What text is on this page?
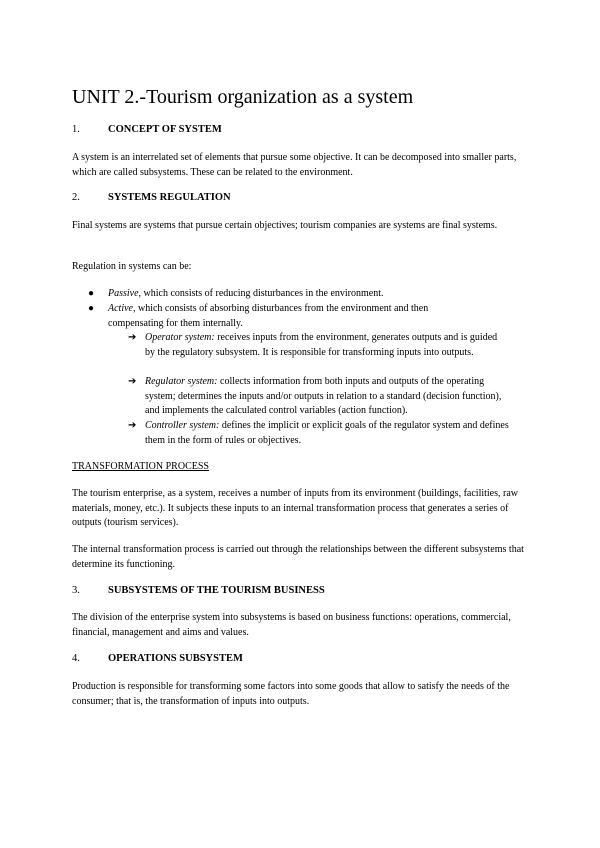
UNIT 2.-Tourism organization as a system
1.	CONCEPT OF SYSTEM

A system is an interrelated set of elements that pursue some objective. It can be decomposed into smaller parts, which are called subsystems. These can be related to the environment.

2.	SYSTEMS REGULATION

Final systems are systems that pursue certain objectives; tourism companies are systems are final systems.

Regulation in systems can be:

● Passive, which consists of reducing disturbances in the environment.
● Active, which consists of absorbing disturbances from the environment and then compensating for them internally.
➔ Operator system: receives inputs from the environment, generates outputs and is guided by the regulatory subsystem. It is responsible for transforming inputs into outputs.
➔ Regulator system: collects information from both inputs and outputs of the operating system; determines the inputs and/or outputs in relation to a standard (decision function), and implements the calculated control variables (action function).
➔ Controller system: defines the implicit or explicit goals of the regulator system and defines them in the form of rules or objectives.
TRANSFORMATION PROCESS

The tourism enterprise, as a system, receives a number of inputs from its environment (buildings, facilities, raw materials, money, etc.). It subjects these inputs to an internal transformation process that generates a series of outputs (tourism services).

The internal transformation process is carried out through the relationships between the different subsystems that determine its functioning.

3.	SUBSYSTEMS OF THE TOURISM BUSINESS

The division of the enterprise system into subsystems is based on business functions: operations, commercial, financial, management and aims and values.

4.	OPERATIONS SUBSYSTEM

Production is responsible for transforming some factors into some goods that allow to satisfy the needs of the consumer; that is, the transformation of inputs into outputs.
